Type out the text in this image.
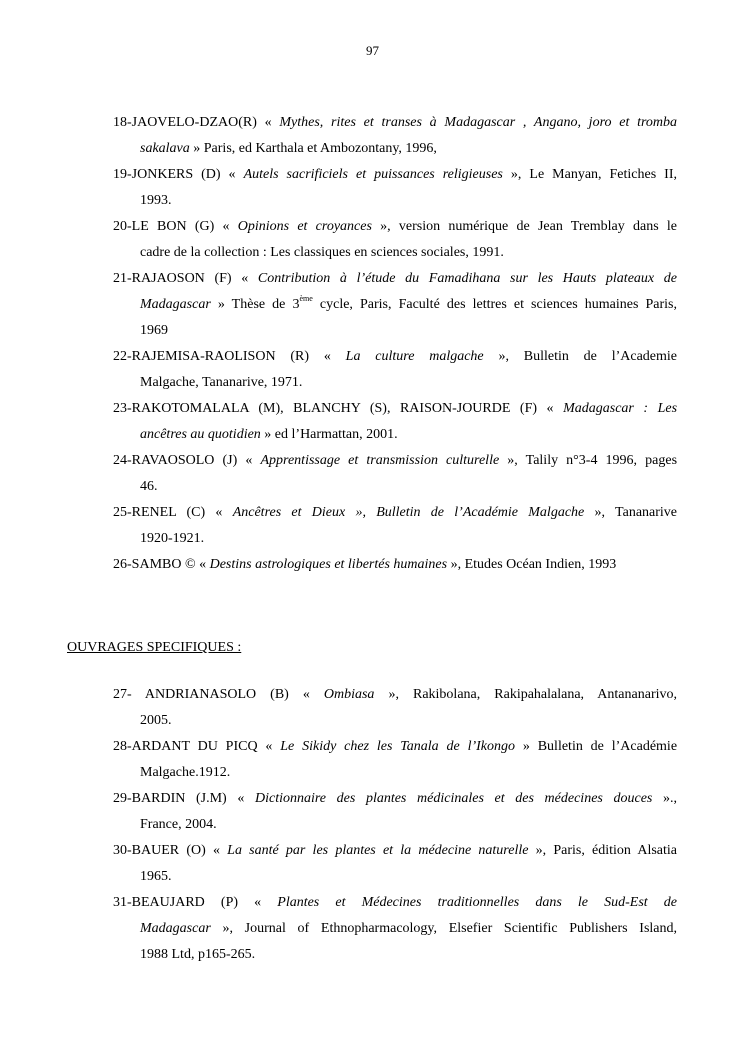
97
18-JAOVELO-DZAO(R) « Mythes, rites et transes à Madagascar , Angano, joro et tromba
sakalava » Paris, ed Karthala et Ambozontany, 1996,
19-JONKERS (D) « Autels sacrificiels et puissances religieuses », Le Manyan, Fetiches II,
1993.
20-LE BON (G) « Opinions et croyances », version numérique de Jean Tremblay dans le
cadre de la collection : Les classiques en sciences sociales, 1991.
21-RAJAOSON (F) « Contribution à l’étude du Famadihana sur les Hauts plateaux de
Madagascar » Thèse de 3ème cycle, Paris, Faculté des lettres et sciences humaines Paris,
1969
22-RAJEMISA-RAOLISON (R) « La culture malgache », Bulletin de l’Academie
Malgache, Tananarive, 1971.
23-RAKOTOMALALA (M), BLANCHY (S), RAISON-JOURDE (F) « Madagascar : Les
ancêtres au quotidien » ed l’Harmattan, 2001.
24-RAVAOSOLO (J) « Apprentissage et transmission culturelle », Talily n°3-4 1996, pages
46.
25-RENEL (C) « Ancêtres et Dieux », Bulletin de l’Académie Malgache », Tananarive
1920-1921.
26-SAMBO © « Destins astrologiques et libertés humaines », Etudes Océan Indien, 1993
OUVRAGES SPECIFIQUES :
27- ANDRIANASOLO (B) « Ombiasa », Rakibolana, Rakipahalalana, Antananarivo,
2005.
28-ARDANT DU PICQ « Le Sikidy chez les Tanala de l’Ikongo » Bulletin de l’Académie
Malgache.1912.
29-BARDIN (J.M) « Dictionnaire des plantes médicinales et des médecines douces ».,
France, 2004.
30-BAUER (O) « La santé par les plantes et la médecine naturelle », Paris, édition Alsatia
1965.
31-BEAUJARD (P) « Plantes et Médecines traditionnelles dans le Sud-Est de
Madagascar », Journal of Ethnopharmacology, Elsefier Scientific Publishers Island,
1988 Ltd, p165-265.
